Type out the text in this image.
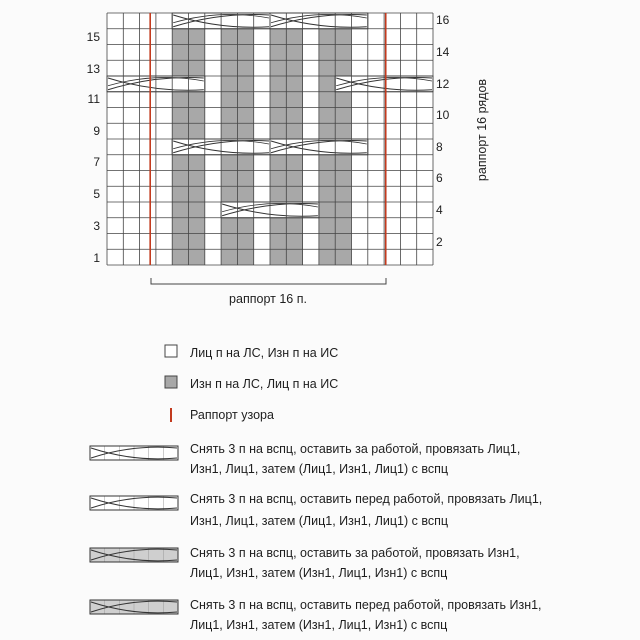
1
3
5
7
9
11
13
15
2
4
6
8
10
12
14
16
раппорт 16 рядов
раппорт 16 п.

Лиц п на ЛС, Изн п на ИС

Изн п на ЛС, Лиц п на ИС

Раппорт узора

Снять 3 п на вспц, оставить за работой, провязать Лиц1,

Изн1, Лиц1, затем (Лиц1, Изн1, Лиц1) с вспц

Снять 3 п на вспц, оставить перед работой, провязать Лиц1,

Изн1, Лиц1, затем (Лиц1, Изн1, Лиц1) с вспц

Снять 3 п на вспц, оставить за работой, провязать Изн1,

Лиц1, Изн1, затем (Изн1, Лиц1, Изн1) с вспц

Снять 3 п на вспц, оставить перед работой, провязать Изн1,

Лиц1, Изн1, затем (Изн1, Лиц1, Изн1) с вспц
